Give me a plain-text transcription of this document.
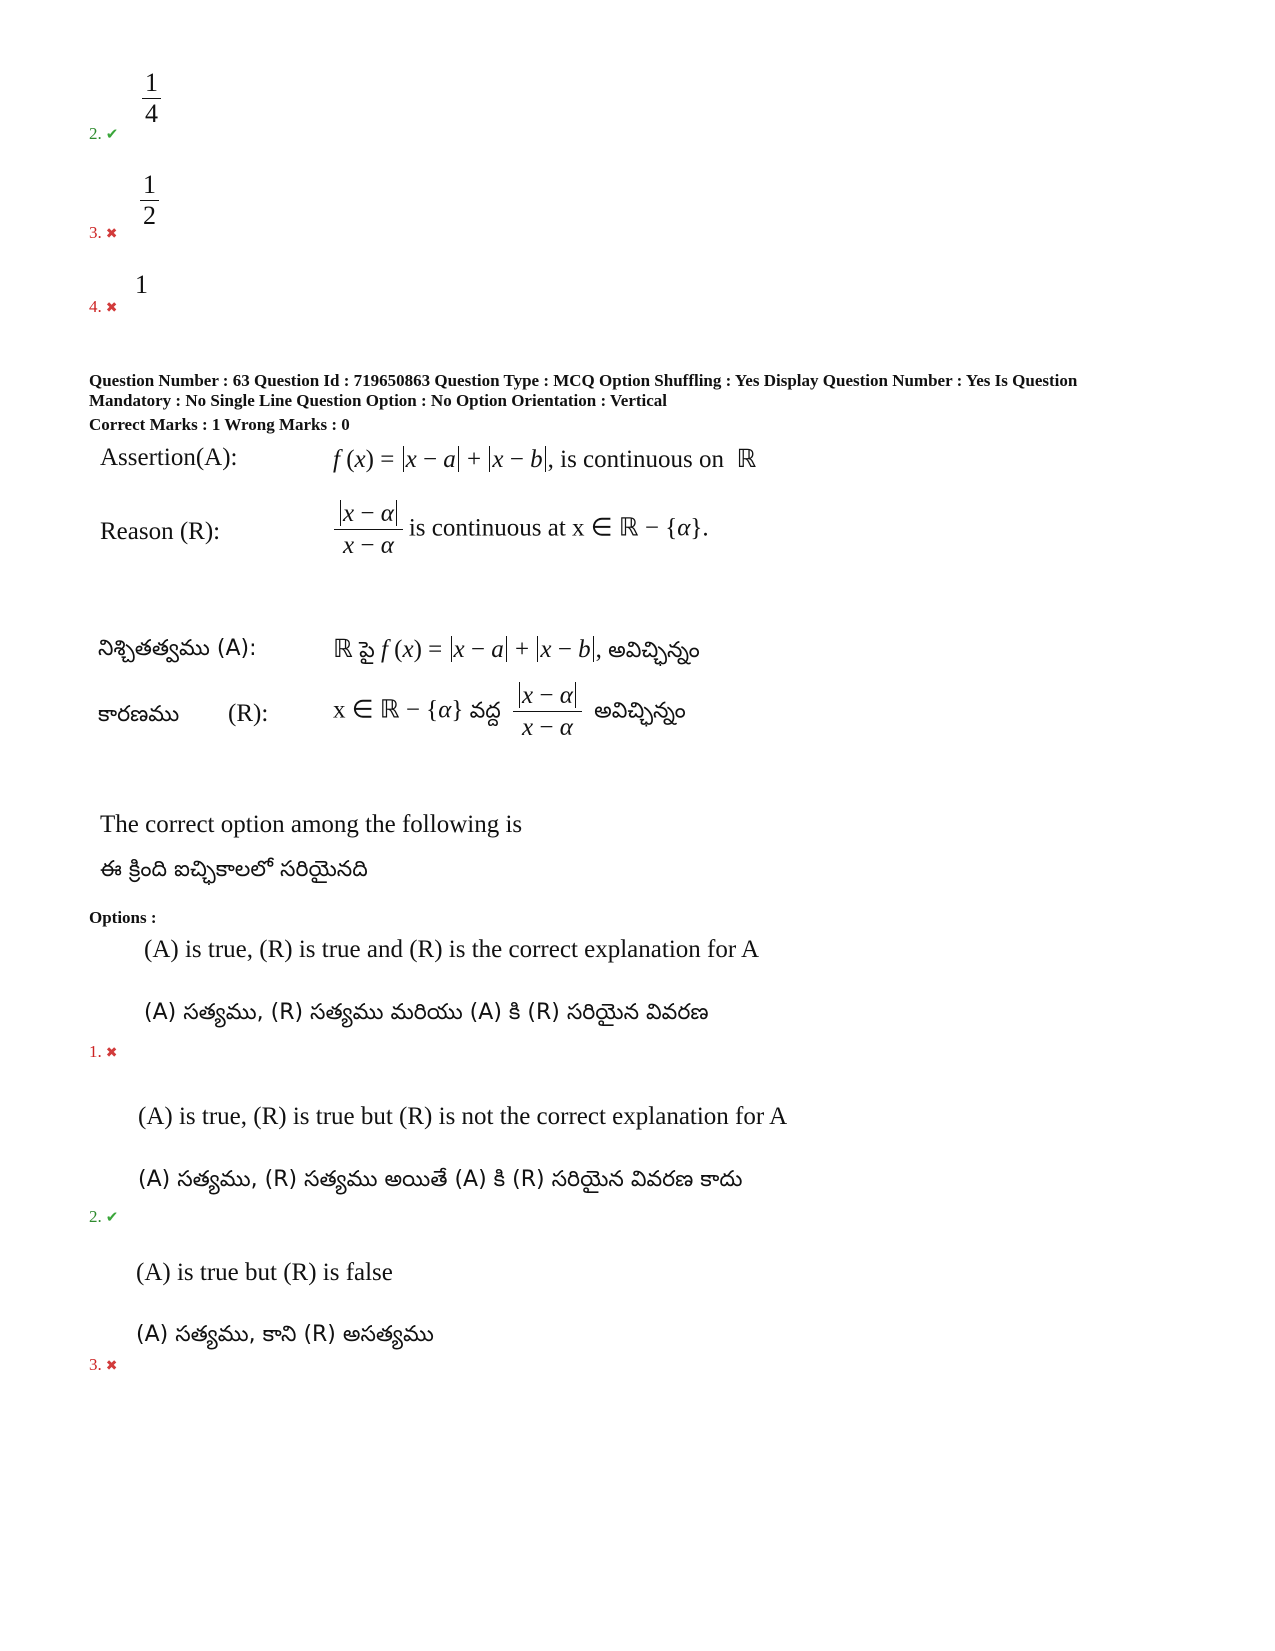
$\frac{1}{4}$
2. ✔
$\frac{1}{2}$
3. ✖
1
4. ✖
Question Number : 63 Question Id : 719650863 Question Type : MCQ Option Shuffling : Yes Display Question Number : Yes Is Question
Mandatory : No Single Line Question Option : No Option Orientation : Vertical
Correct Marks : 1 Wrong Marks : 0
Assertion(A):	f (x) = x − a + x − b , is continuous on  ℝ
Reason (R):	$\frac{x - \alpha}{x - \alpha}$ is continuous at x ∈ ℝ − {α}.
నిశ్చితత్వము (A):	ℝ పై f (x) = x − a + x − b , అవిచ్ఛిన్నం
కారణము (R):	x ∈ ℝ − {α} వద్ద $\frac{x - \alpha}{x - \alpha}$ అవిచ్ఛిన్నం
The correct option among the following is
ఈ క్రింది ఐచ్ఛికాలలో సరియైనది
Options :
(A) is true, (R) is true and (R) is the correct explanation for A
(A) సత్యము, (R) సత్యము మరియు (A) కి (R) సరియైన వివరణ
1. ✖
(A) is true, (R) is true but (R) is not the correct explanation for A
(A) సత్యము, (R) సత్యము అయితే (A) కి (R) సరియైన వివరణ కాదు
2. ✔
(A) is true but (R) is false
(A) సత్యము, కాని (R) అసత్యము
3. ✖
